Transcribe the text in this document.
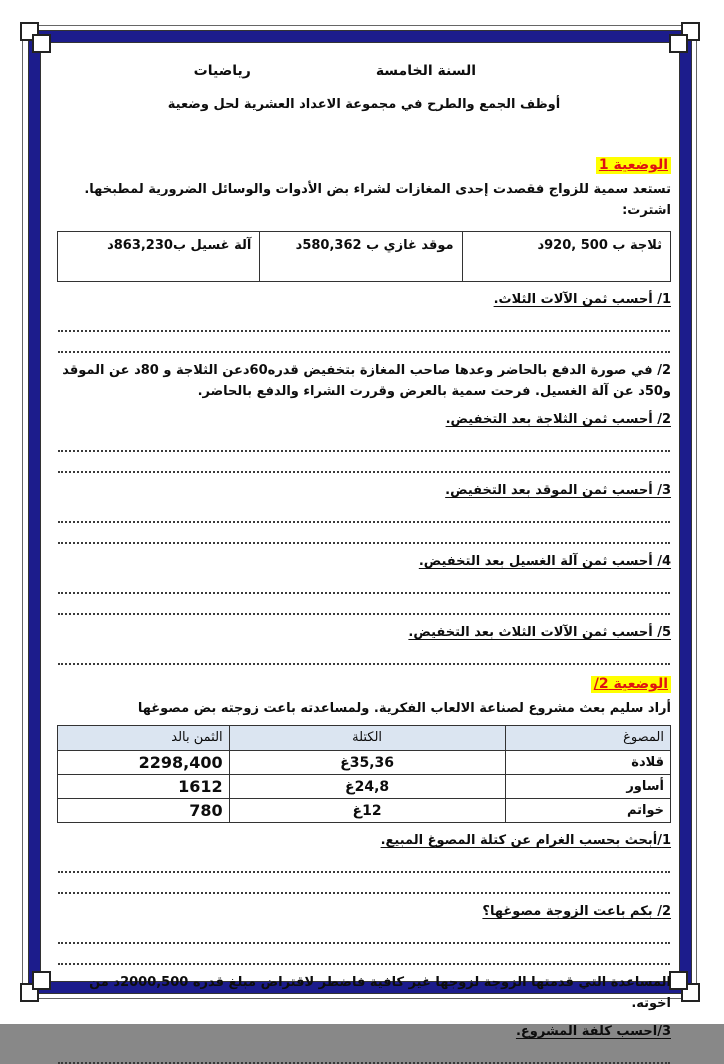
السنة الخامسة
رياضيات
أوظف الجمع والطرح في مجموعة الاعداد العشرية لحل وضعية
الوضعية 1

تستعد سمية للزواج فقصدت إحدى المغازات لشراء بض الأدوات والوسائل الضرورية لمطبخها. اشترت:

ثلاجة ب ‎920, 500‎د	موقد غازي ب 580,362د	آلة غسيل ب863,230د
1/ أحسب ثمن الآلات الثلاث.

2/ في صورة الدفع بالحاضر وعدها صاحب المغازة بتخفيض قدره60دعن الثلاجة و 80د عن الموقد و50د عن آلة الغسيل. فرحت سمية بالعرض وقررت الشراء والدفع بالحاضر.

2/ أحسب ثمن الثلاجة بعد التخفيض.
3/ أحسب ثمن الموقد بعد التخفيض.
4/ أحسب ثمن آلة الغسيل بعد التخفيض.
5/ أحسب ثمن الآلات الثلاث بعد التخفيض.
الوضعية 2/

أراد سليم بعث مشروع لصناعة الالعاب الفكرية. ولمساعدته باعت زوجته بض مصوغها

المصوغ	الكتلة	الثمن بالد
قلادة	35,36غ	2298,400
أساور	24,8غ	1612
خواتم	12غ	780
1/أبحث بحسب الغرام عن كتلة المصوغ المبيع.
2/ بكم باعت الزوجة مصوغها؟

المساعدة التي قدمتها الزوجة لزوجها غير كافية فاضطر لاقتراض مبلغ قدره 2000,500د من اخوته.

3/احسب كلفة المشروع.
